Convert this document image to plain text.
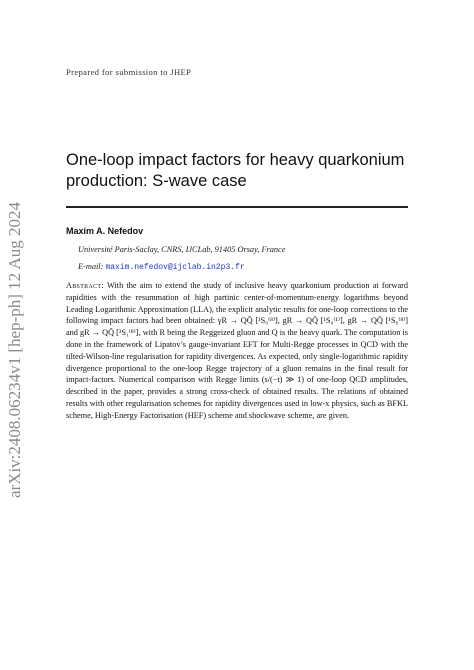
arXiv:2408.06234v1 [hep-ph] 12 Aug 2024
Prepared for submission to JHEP
One-loop impact factors for heavy quarkonium production: S-wave case
Maxim A. Nefedov
Université Paris-Saclay, CNRS, IJCLab, 91405 Orsay, France
E-mail: maxim.nefedov@ijclab.in2p3.fr

Abstract: With the aim to extend the study of inclusive heavy quarkonium production at forward rapidities with the resummation of high partinic center-of-momentum-energy logarithms beyond Leading Logarithmic Approximation (LLA), the explicit analytic results for one-loop corrections to the following impact factors had been obtained: γR → QQ̄ [¹S₀⁽⁸⁾], gR → QQ̄ [¹S₀⁽¹⁾], gR → QQ̄ [¹S₀⁽⁸⁾] and gR → QQ̄ [³S₁⁽⁸⁾], with R being the Reggeized gluon and Q is the heavy quark. The computation is done in the framework of Lipatov’s gauge-invariant EFT for Multi-Regge processes in QCD with the tilted-Wilson-line regularisation for rapidity divergences. As expected, only single-logarithmic rapidity divergence proportional to the one-loop Regge trajectory of a gluon remains in the final result for impact-factors. Numerical comparison with Regge limits (s/(−t) ≫ 1) of one-loop QCD amplitudes, described in the paper, provides a strong cross-check of obtained results. The relations of obtained results with other regularisation schemes for rapidity divergences used in low-x physics, such as BFKL scheme, High-Energy Factorisation (HEF) scheme and shockwave scheme, are given.
